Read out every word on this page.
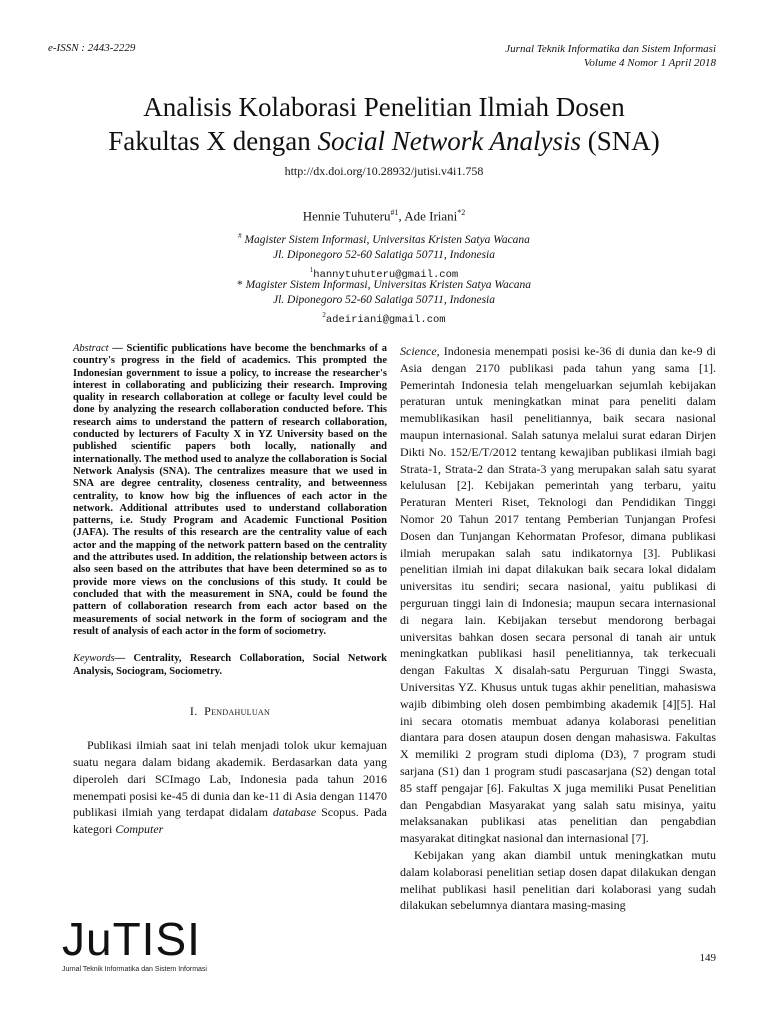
e-ISSN : 2443-2229	Jurnal Teknik Informatika dan Sistem Informasi
Volume 4 Nomor 1 April 2018
Analisis Kolaborasi Penelitian Ilmiah Dosen
Fakultas X dengan Social Network Analysis (SNA)
http://dx.doi.org/10.28932/jutisi.v4i1.758
Hennie Tuhuteru$^{\#1}$, Ade Iriani$^{*2}$
# Magister Sistem Informasi, Universitas Kristen Satya Wacana
Jl. Diponegoro 52-60 Salatiga 50711, Indonesia
$^1$hannytuhuteru@gmail.com
* Magister Sistem Informasi, Universitas Kristen Satya Wacana
Jl. Diponegoro 52-60 Salatiga 50711, Indonesia
$^2$adeiriani@gmail.com
Abstract — Scientific publications have become the benchmarks of a country's progress in the field of academics. This prompted the Indonesian government to issue a policy, to increase the researcher's interest in collaborating and publicizing their research. Improving quality in research collaboration at college or faculty level could be done by analyzing the research collaboration conducted before. This research aims to understand the pattern of research collaboration, conducted by lecturers of Faculty X in YZ University based on the published scientific papers both locally, nationally and internationally. The method used to analyze the collaboration is Social Network Analysis (SNA). The centralizes measure that we used in SNA are degree centrality, closeness centrality, and betweenness centrality, to know how big the influences of each actor in the network. Additional attributes used to understand collaboration patterns, i.e. Study Program and Academic Functional Position (JAFA). The results of this research are the centrality value of each actor and the mapping of the network pattern based on the centrality and the attributes used. In addition, the relationship between actors is also seen based on the attributes that have been determined so as to provide more views on the conclusions of this study. It could be concluded that with the measurement in SNA, could be found the pattern of collaboration research from each actor based on the measurements of social network in the form of sociogram and the result of analysis of each actor in the form of sociometry.
Keywords— Centrality, Research Collaboration, Social Network Analysis, Sociogram, Sociometry.
I. Pendahuluan
Publikasi ilmiah saat ini telah menjadi tolok ukur kemajuan suatu negara dalam bidang akademik. Berdasarkan data yang diperoleh dari SCImago Lab, Indonesia pada tahun 2016 menempati posisi ke-45 di dunia dan ke-11 di Asia dengan 11470 publikasi ilmiah yang terdapat didalam database Scopus. Pada kategori Computer

Science, Indonesia menempati posisi ke-36 di dunia dan ke-9 di Asia dengan 2170 publikasi pada tahun yang sama [1]. Pemerintah Indonesia telah mengeluarkan sejumlah kebijakan peraturan untuk meningkatkan minat para peneliti dalam memublikasikan hasil penelitiannya, baik secara nasional maupun internasional. Salah satunya melalui surat edaran Dirjen Dikti No. 152/E/T/2012 tentang kewajiban publikasi ilmiah bagi Strata-1, Strata-2 dan Strata-3 yang merupakan salah satu syarat kelulusan [2]. Kebijakan pemerintah yang terbaru, yaitu Peraturan Menteri Riset, Teknologi dan Pendidikan Tinggi Nomor 20 Tahun 2017 tentang Pemberian Tunjangan Profesi Dosen dan Tunjangan Kehormatan Profesor, dimana publikasi ilmiah merupakan salah satu indikatornya [3]. Publikasi penelitian ilmiah ini dapat dilakukan baik secara lokal didalam universitas itu sendiri; secara nasional, yaitu publikasi di perguruan tinggi lain di Indonesia; maupun secara internasional di negara lain. Kebijakan tersebut mendorong berbagai universitas bahkan dosen secara personal di tanah air untuk meningkatkan publikasi hasil penelitiannya, tak terkecuali dengan Fakultas X disalah-satu Perguruan Tinggi Swasta, Universitas YZ. Khusus untuk tugas akhir penelitian, mahasiswa wajib dibimbing oleh dosen pembimbing akademik [4][5]. Hal ini secara otomatis membuat adanya kolaborasi penelitian diantara para dosen ataupun dosen dengan mahasiswa. Fakultas X memiliki 2 program studi diploma (D3), 7 program studi sarjana (S1) dan 1 program studi pascasarjana (S2) dengan total 85 staff pengajar [6]. Fakultas X juga memiliki Pusat Penelitian dan Pengabdian Masyarakat yang salah satu misinya, yaitu melaksanakan publikasi atas penelitian dan pengabdian masyarakat ditingkat nasional dan internasional [7].

Kebijakan yang akan diambil untuk meningkatkan mutu dalam kolaborasi penelitian setiap dosen dapat dilakukan dengan melihat publikasi hasil penelitian dari kolaborasi yang sudah dilakukan sebelumnya diantara masing-masing

JuTISI
Jurnal Teknik Informatika dan Sistem Informasi
149
